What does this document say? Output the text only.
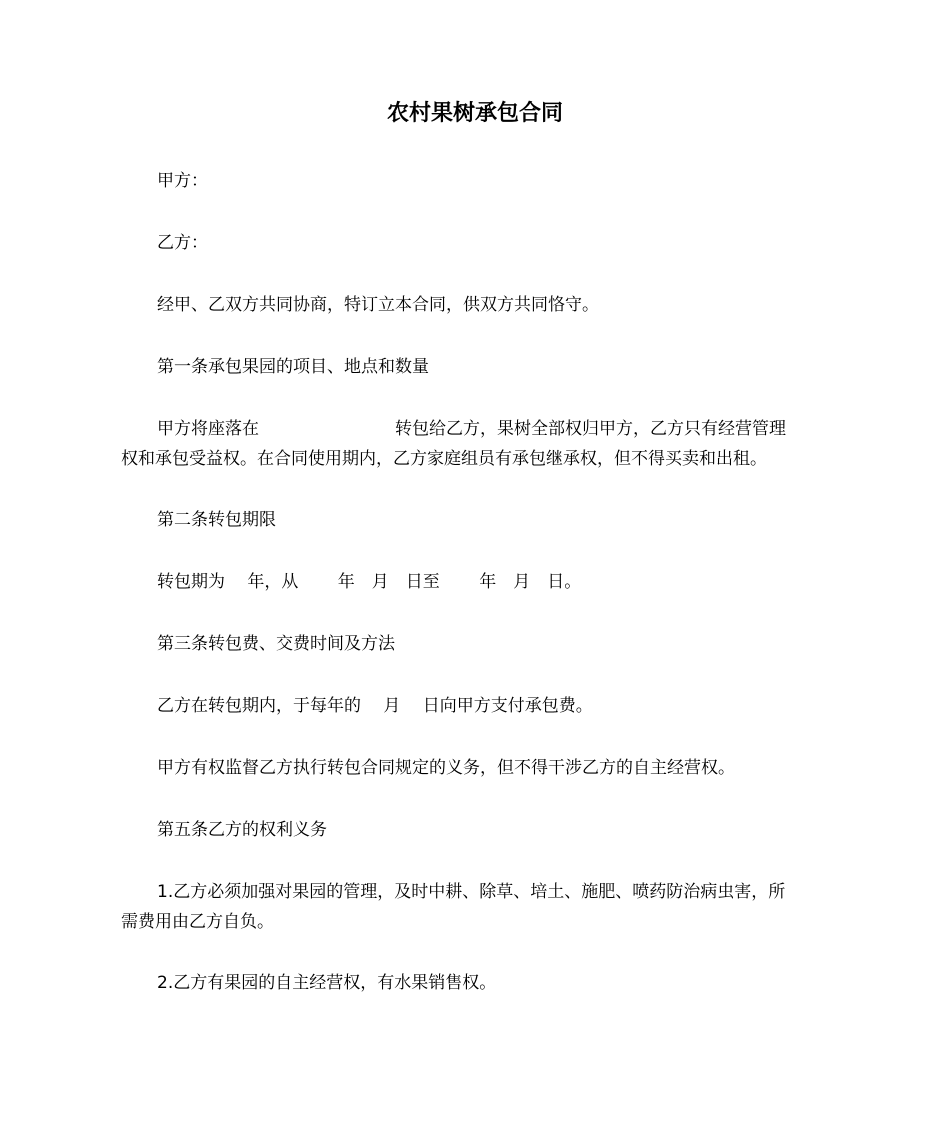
农村果树承包合同
甲方：
乙方：
经甲、乙双方共同协商，特订立本合同，供双方共同恪守。
第一条承包果园的项目、地点和数量
甲方将座落在　　　　　　　　转包给乙方，果树全部权归甲方，乙方只有经营管理
权和承包受益权。在合同使用期内，乙方家庭组员有承包继承权，但不得买卖和出租。
第二条转包期限
转包期为　 年，从　　 年　月　日至　　 年　月　日。
第三条转包费、交费时间及方法
乙方在转包期内，于每年的　 月　 日向甲方支付承包费。
甲方有权监督乙方执行转包合同规定的义务，但不得干涉乙方的自主经营权。
第五条乙方的权利义务
1.乙方必须加强对果园的管理，及时中耕、除草、培土、施肥、喷药防治病虫害，所
需费用由乙方自负。
2.乙方有果园的自主经营权，有水果销售权。
